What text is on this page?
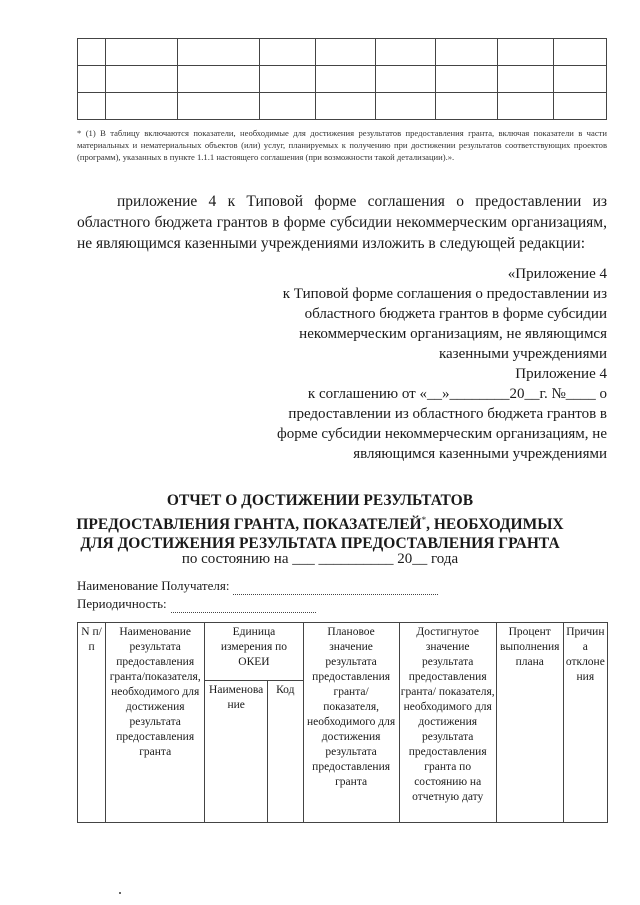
* (1) В таблицу включаются показатели, необходимые для достижения результатов предоставления гранта, включая показатели в части материальных и нематериальных объектов (или) услуг, планируемых к получению при достижении результатов соответствующих проектов (программ), указанных в пункте 1.1.1 настоящего соглашения (при возможности такой детализации).».
приложение 4 к Типовой форме соглашения о предоставлении из областного бюджета грантов в форме субсидии некоммерческим организациям, не являющимся казенными учреждениями изложить в следующей редакции:
«Приложение 4
к Типовой форме соглашения о предоставлении из
областного бюджета грантов в форме субсидии
некоммерческим организациям, не являющимся
казенными учреждениями
Приложение 4
к соглашению от «__»________20__г. №____ о
предоставлении из областного бюджета грантов в
форме субсидии некоммерческим организациям, не
являющимся казенными учреждениями
ОТЧЕТ О ДОСТИЖЕНИИ РЕЗУЛЬТАТОВ
ПРЕДОСТАВЛЕНИЯ ГРАНТА, ПОКАЗАТЕЛЕЙ*, НЕОБХОДИМЫХ
ДЛЯ ДОСТИЖЕНИЯ РЕЗУЛЬТАТА ПРЕДОСТАВЛЕНИЯ ГРАНТА
по состоянию на ___ __________ 20__ года
Наименование Получателя:
Периодичность:
N п/п	Наименование результата предоставления гранта/показателя, необходимого для достижения результата предоставления гранта	Единица измерения по ОКЕИ		Плановое значение результата предоставления гранта/ показателя, необходимого для достижения результата предоставления гранта	Достигнутое значение результата предоставления гранта/ показателя, необходимого для достижения результата предоставления гранта по состоянию на отчетную дату	Процент выполнения плана	Причина отклонения
		Наименование	Код				
